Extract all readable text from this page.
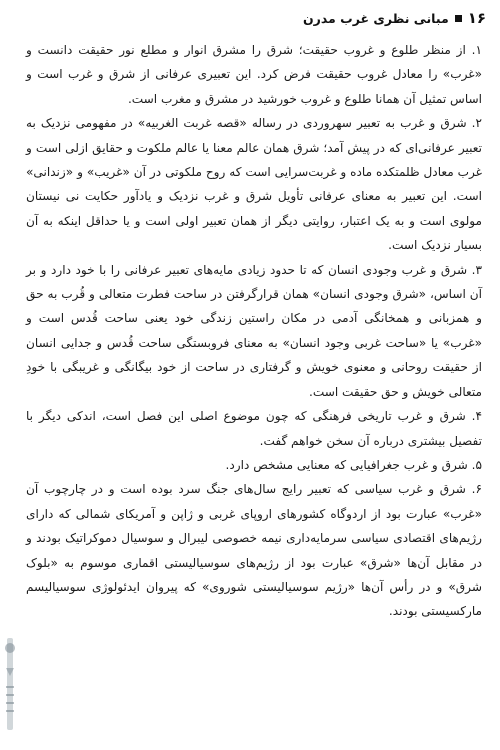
۱۶
مبانی نظری غرب مدرن

۱. از منظر طلوع و غروب حقیقت؛ شرق را مشرق انوار و مطلع نور حقیقت دانست و «غرب» را معادل غروب حقیقت فرض کرد. این تعبیری عرفانی از شرق و غرب است و اساس تمثیل آن همانا طلوع و غروب خورشید در مشرق و مغرب است.

۲. شرق و غرب به تعبیر سهروردی در رساله «قصه غربت الغربیه» در مفهومی نزدیک به تعبیر عرفانی‌ای که در پیش آمد؛ شرق همان عالم معنا یا عالم ملکوت و حقایق ازلی است و غرب معادل ظلمتکده ماده و غربت‌سرایی است که روح ملکوتی در آن «غریب» و «زندانی» است. این تعبیر به معنای عرفانی تأویل شرق و غرب نزدیک و یادآور حکایت نی نیستان مولوی است و به یک اعتبار، روایتی دیگر از همان تعبیر اولی است و یا حداقل اینکه به آن بسیار نزدیک است.

۳. شرق و غرب وجودی انسان که تا حدود زیادی مایه‌های تعبیر عرفانی را با خود دارد و بر آن اساس، «شرق وجودی انسان» همان قرارگرفتن در ساحت فطرت متعالی و قُرب به حق و همزبانی و همخانگی آدمی در مکان راستین زندگی خود یعنی ساحت قُدس است و «غرب» یا «ساحت غربی وجود انسان» به معنای فروبستگی ساحت قُدس و جدایی انسان از حقیقت روحانی و معنوی خویش و گرفتاری در ساحت از خود بیگانگی و غریبگی با خودِ متعالی خویش و حق حقیقت است.

۴. شرق و غرب تاریخی فرهنگی که چون موضوع اصلی این فصل است، اندکی دیگر با تفصیل بیشتری درباره آن سخن خواهم گفت.

۵. شرق و غرب جغرافیایی که معنایی مشخص دارد.

۶. شرق و غرب سیاسی که تعبیر رایج سال‌های جنگ سرد بوده است و در چارچوب آن «غرب» عبارت بود از اردوگاه کشورهای اروپای غربی و ژاپن و آمریکای شمالی که دارای رژیم‌های اقتصادی سیاسی سرمایه‌داری نیمه خصوصی لیبرال و سوسیال دموکراتیک بودند و در مقابل آن‌ها «شرق» عبارت بود از رژیم‌های سوسیالیستی اقماری موسوم به «بلوک شرق» و در رأس آن‌ها «رژیم سوسیالیستی شوروی» که پیروان ایدئولوژی سوسیالیسم مارکسیستی بودند.
